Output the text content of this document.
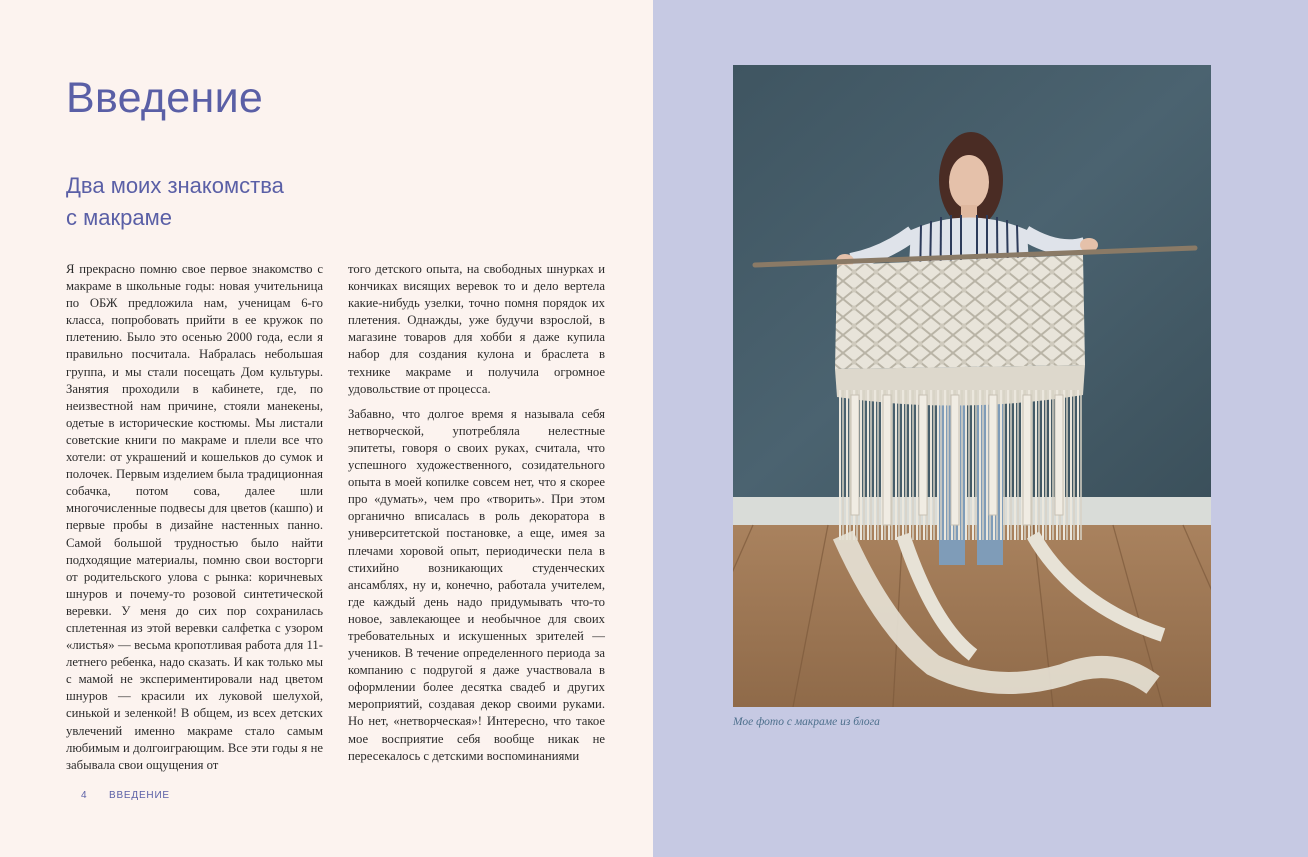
Введение
Два моих знакомства
с макраме

Я прекрасно помню свое первое знакомство с макраме в школьные годы: новая учительница по ОБЖ предложила нам, ученицам 6-го класса, попробовать прийти в ее кружок по плетению. Было это осенью 2000 года, если я правильно посчитала. Набралась небольшая группа, и мы стали посещать Дом культуры. Занятия проходили в кабинете, где, по неизвестной нам причине, стояли манекены, одетые в исторические костюмы. Мы листали советские книги по макраме и плели все что хотели: от украшений и кошельков до сумок и полочек. Первым изделием была традиционная собачка, потом сова, далее шли многочисленные подвесы для цветов (кашпо) и первые пробы в дизайне настенных панно. Самой большой трудностью было найти подходящие материалы, помню свои восторги от родительского улова с рынка: коричневых шнуров и почему-то розовой синтетической веревки. У меня до сих пор сохранилась сплетенная из этой веревки салфетка с узором «листья» — весьма кропотливая работа для 11-летнего ребенка, надо сказать. И как только мы с мамой не экспериментировали над цветом шнуров — красили их луковой шелухой, синькой и зеленкой! В общем, из всех детских увлечений именно макраме стало самым любимым и долгоиграющим. Все эти годы я не забывала свои ощущения от

того детского опыта, на свободных шнурках и кончиках висящих веревок то и дело вертела какие-нибудь узелки, точно помня порядок их плетения. Однажды, уже будучи взрослой, в магазине товаров для хобби я даже купила набор для создания кулона и браслета в технике макраме и получила огромное удовольствие от процесса.

Забавно, что долгое время я называла себя нетворческой, употребляла нелестные эпитеты, говоря о своих руках, считала, что успешного художественного, созидательного опыта в моей копилке совсем нет, что я скорее про «думать», чем про «творить». При этом органично вписалась в роль декоратора в университетской постановке, а еще, имея за плечами хоровой опыт, периодически пела в стихийно возникающих студенческих ансамблях, ну и, конечно, работала учителем, где каждый день надо придумывать что-то новое, завлекающее и необычное для своих требовательных и искушенных зрителей — учеников. В течение определенного периода за компанию с подругой я даже участвовала в оформлении более десятка свадеб и других мероприятий, создавая декор своими руками. Но нет, «нетворческая»! Интересно, что такое мое восприятие себя вообще никак не пересекалось с детскими воспоминаниями

4 ВВЕДЕНИЕ
Мое фото с макраме из блога
